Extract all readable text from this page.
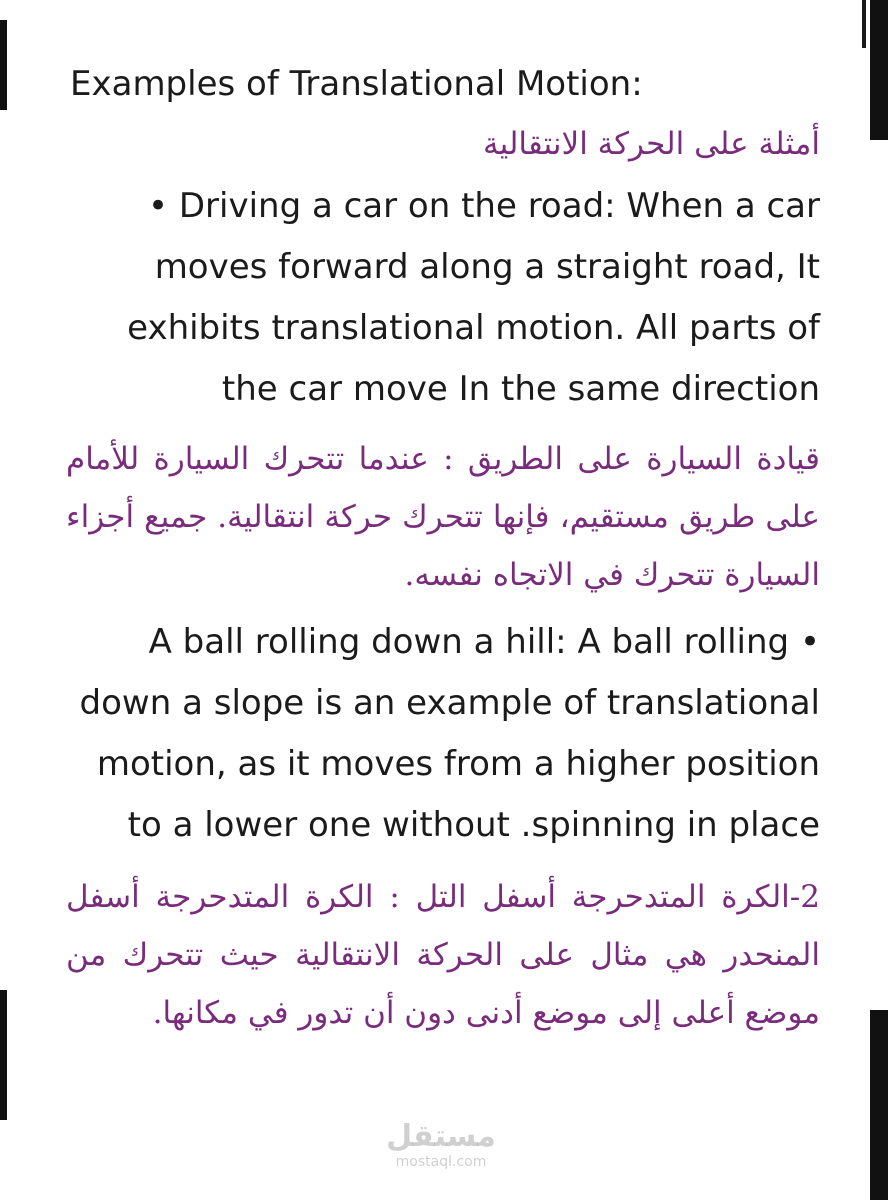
Examples of Translational Motion:

أمثلة على الحركة الانتقالية

• Driving a car on the road: When a car moves forward along a straight road, It exhibits translational motion. All parts of the car move In the same direction

قيادة السيارة على الطريق : عندما تتحرك السيارة للأمام على طريق مستقيم، فإنها تتحرك حركة انتقالية. جميع أجزاء السيارة تتحرك في الاتجاه نفسه.

A ball rolling down a hill: A ball rolling • down a slope is an example of translational motion, as it moves from a higher position to a lower one without .spinning in place

2-الكرة المتدحرجة أسفل التل : الكرة المتدحرجة أسفل المنحدر هي مثال على الحركة الانتقالية حيث تتحرك من موضع أعلى إلى موضع أدنى دون أن تدور في مكانها.

مستقل
mostaql.com
